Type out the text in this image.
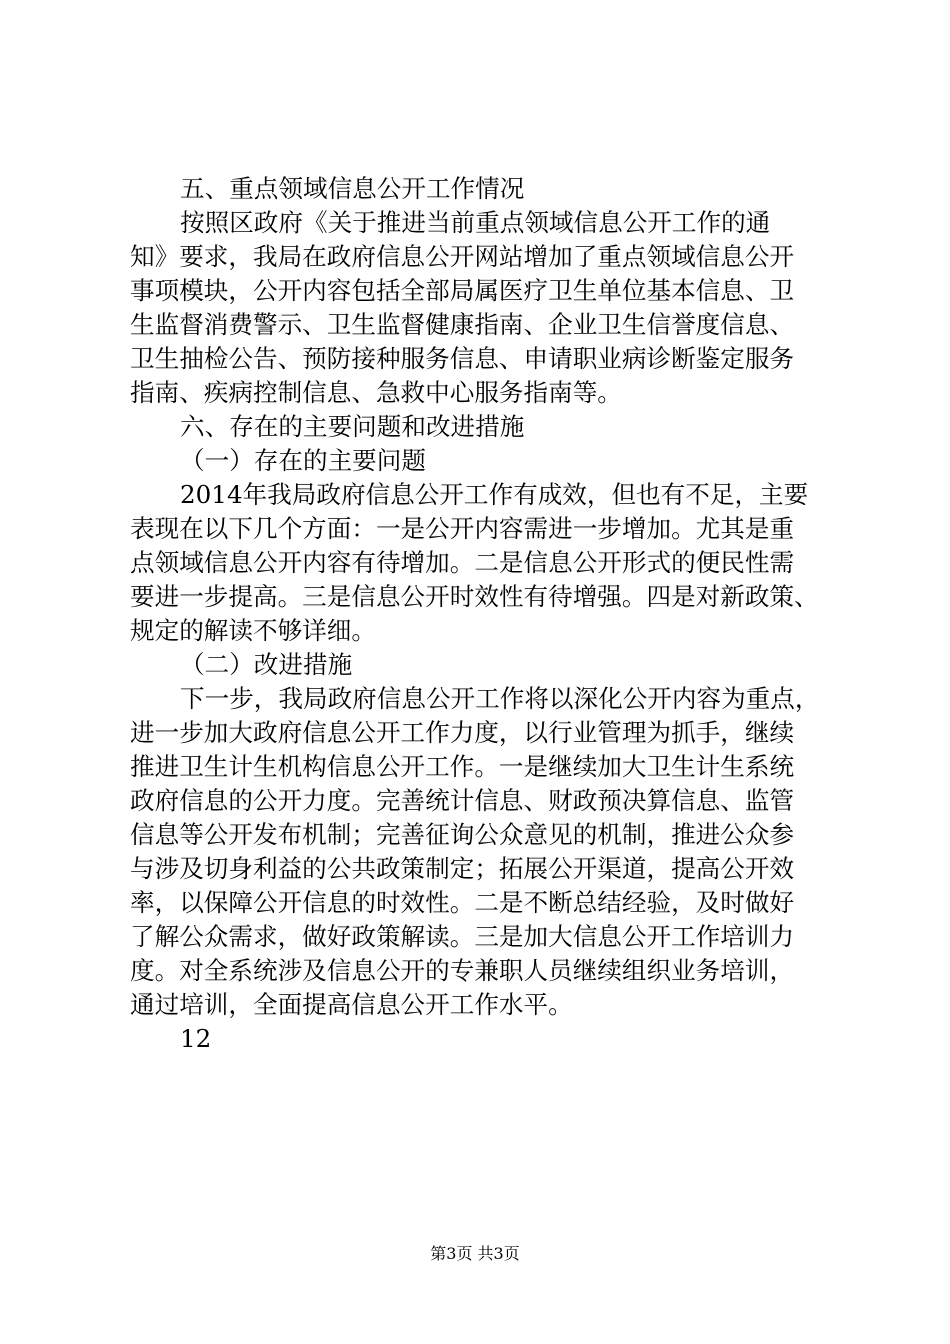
五、重点领域信息公开工作情况
按照区政府《关于推进当前重点领域信息公开工作的通
知》要求，我局在政府信息公开网站增加了重点领域信息公开
事项模块，公开内容包括全部局属医疗卫生单位基本信息、卫
生监督消费警示、卫生监督健康指南、企业卫生信誉度信息、
卫生抽检公告、预防接种服务信息、申请职业病诊断鉴定服务
指南、疾病控制信息、急救中心服务指南等。
六、存在的主要问题和改进措施
（一）存在的主要问题
2014年我局政府信息公开工作有成效，但也有不足，主要
表现在以下几个方面：一是公开内容需进一步增加。尤其是重
点领域信息公开内容有待增加。二是信息公开形式的便民性需
要进一步提高。三是信息公开时效性有待增强。四是对新政策、
规定的解读不够详细。
（二）改进措施
下一步，我局政府信息公开工作将以深化公开内容为重点，
进一步加大政府信息公开工作力度，以行业管理为抓手，继续
推进卫生计生机构信息公开工作。一是继续加大卫生计生系统
政府信息的公开力度。完善统计信息、财政预决算信息、监管
信息等公开发布机制；完善征询公众意见的机制，推进公众参
与涉及切身利益的公共政策制定；拓展公开渠道，提高公开效
率，以保障公开信息的时效性。二是不断总结经验，及时做好
了解公众需求，做好政策解读。三是加大信息公开工作培训力
度。对全系统涉及信息公开的专兼职人员继续组织业务培训，
通过培训，全面提高信息公开工作水平。
12
第3页 共3页
